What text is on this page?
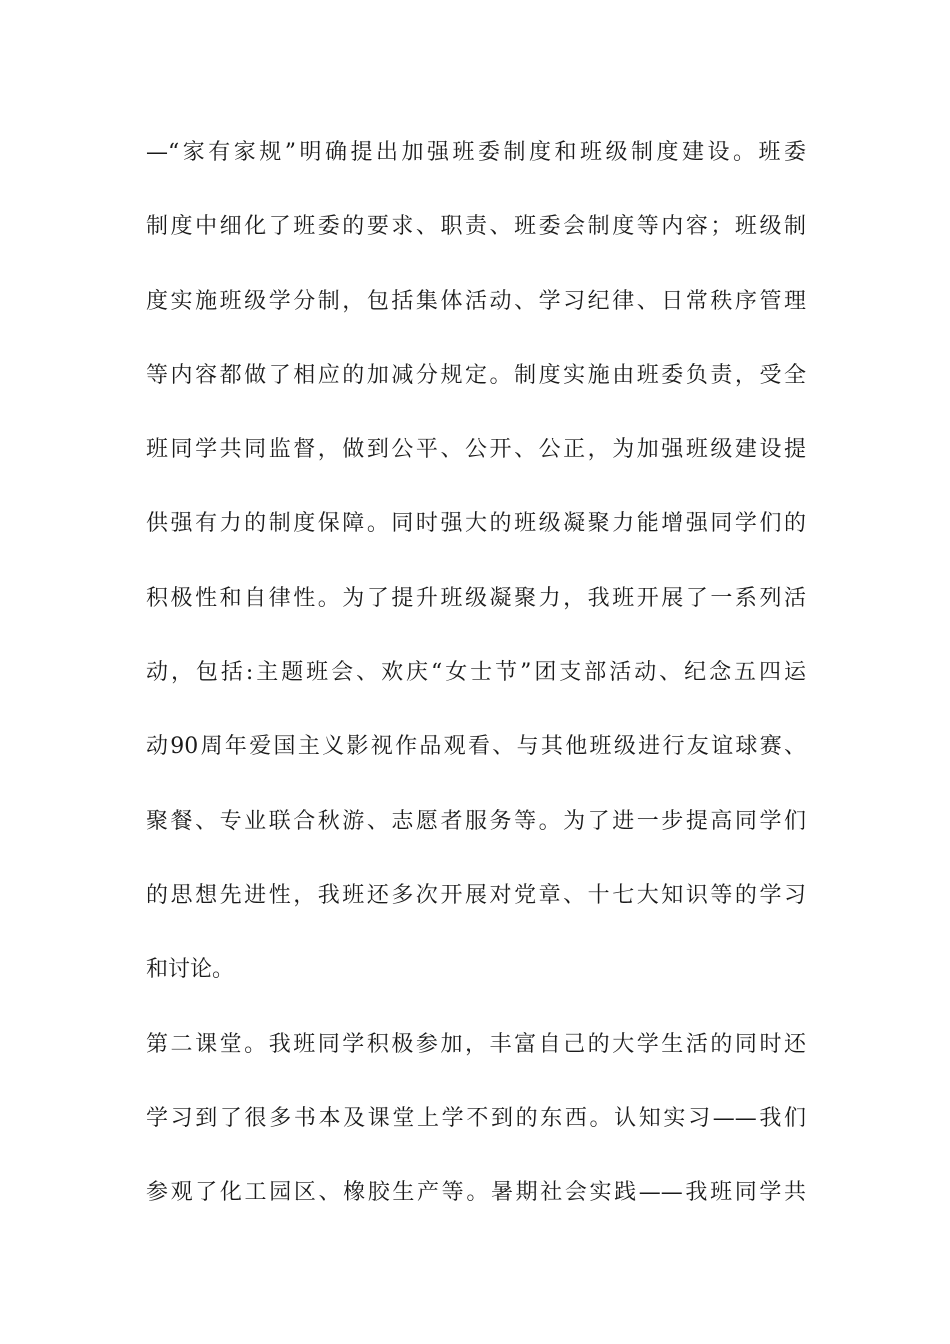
—“家有家规”明确提出加强班委制度和班级制度建设。班委
制度中细化了班委的要求、职责、班委会制度等内容；班级制
度实施班级学分制，包括集体活动、学习纪律、日常秩序管理
等内容都做了相应的加减分规定。制度实施由班委负责，受全
班同学共同监督，做到公平、公开、公正，为加强班级建设提
供强有力的制度保障。同时强大的班级凝聚力能增强同学们的
积极性和自律性。为了提升班级凝聚力，我班开展了一系列活
动，包括:主题班会、欢庆“女士节”团支部活动、纪念五四运
动90周年爱国主义影视作品观看、与其他班级进行友谊球赛、
聚餐、专业联合秋游、志愿者服务等。为了进一步提高同学们
的思想先进性，我班还多次开展对党章、十七大知识等的学习
和讨论。
第二课堂。我班同学积极参加，丰富自己的大学生活的同时还
学习到了很多书本及课堂上学不到的东西。认知实习——我们
参观了化工园区、橡胶生产等。暑期社会实践——我班同学共
